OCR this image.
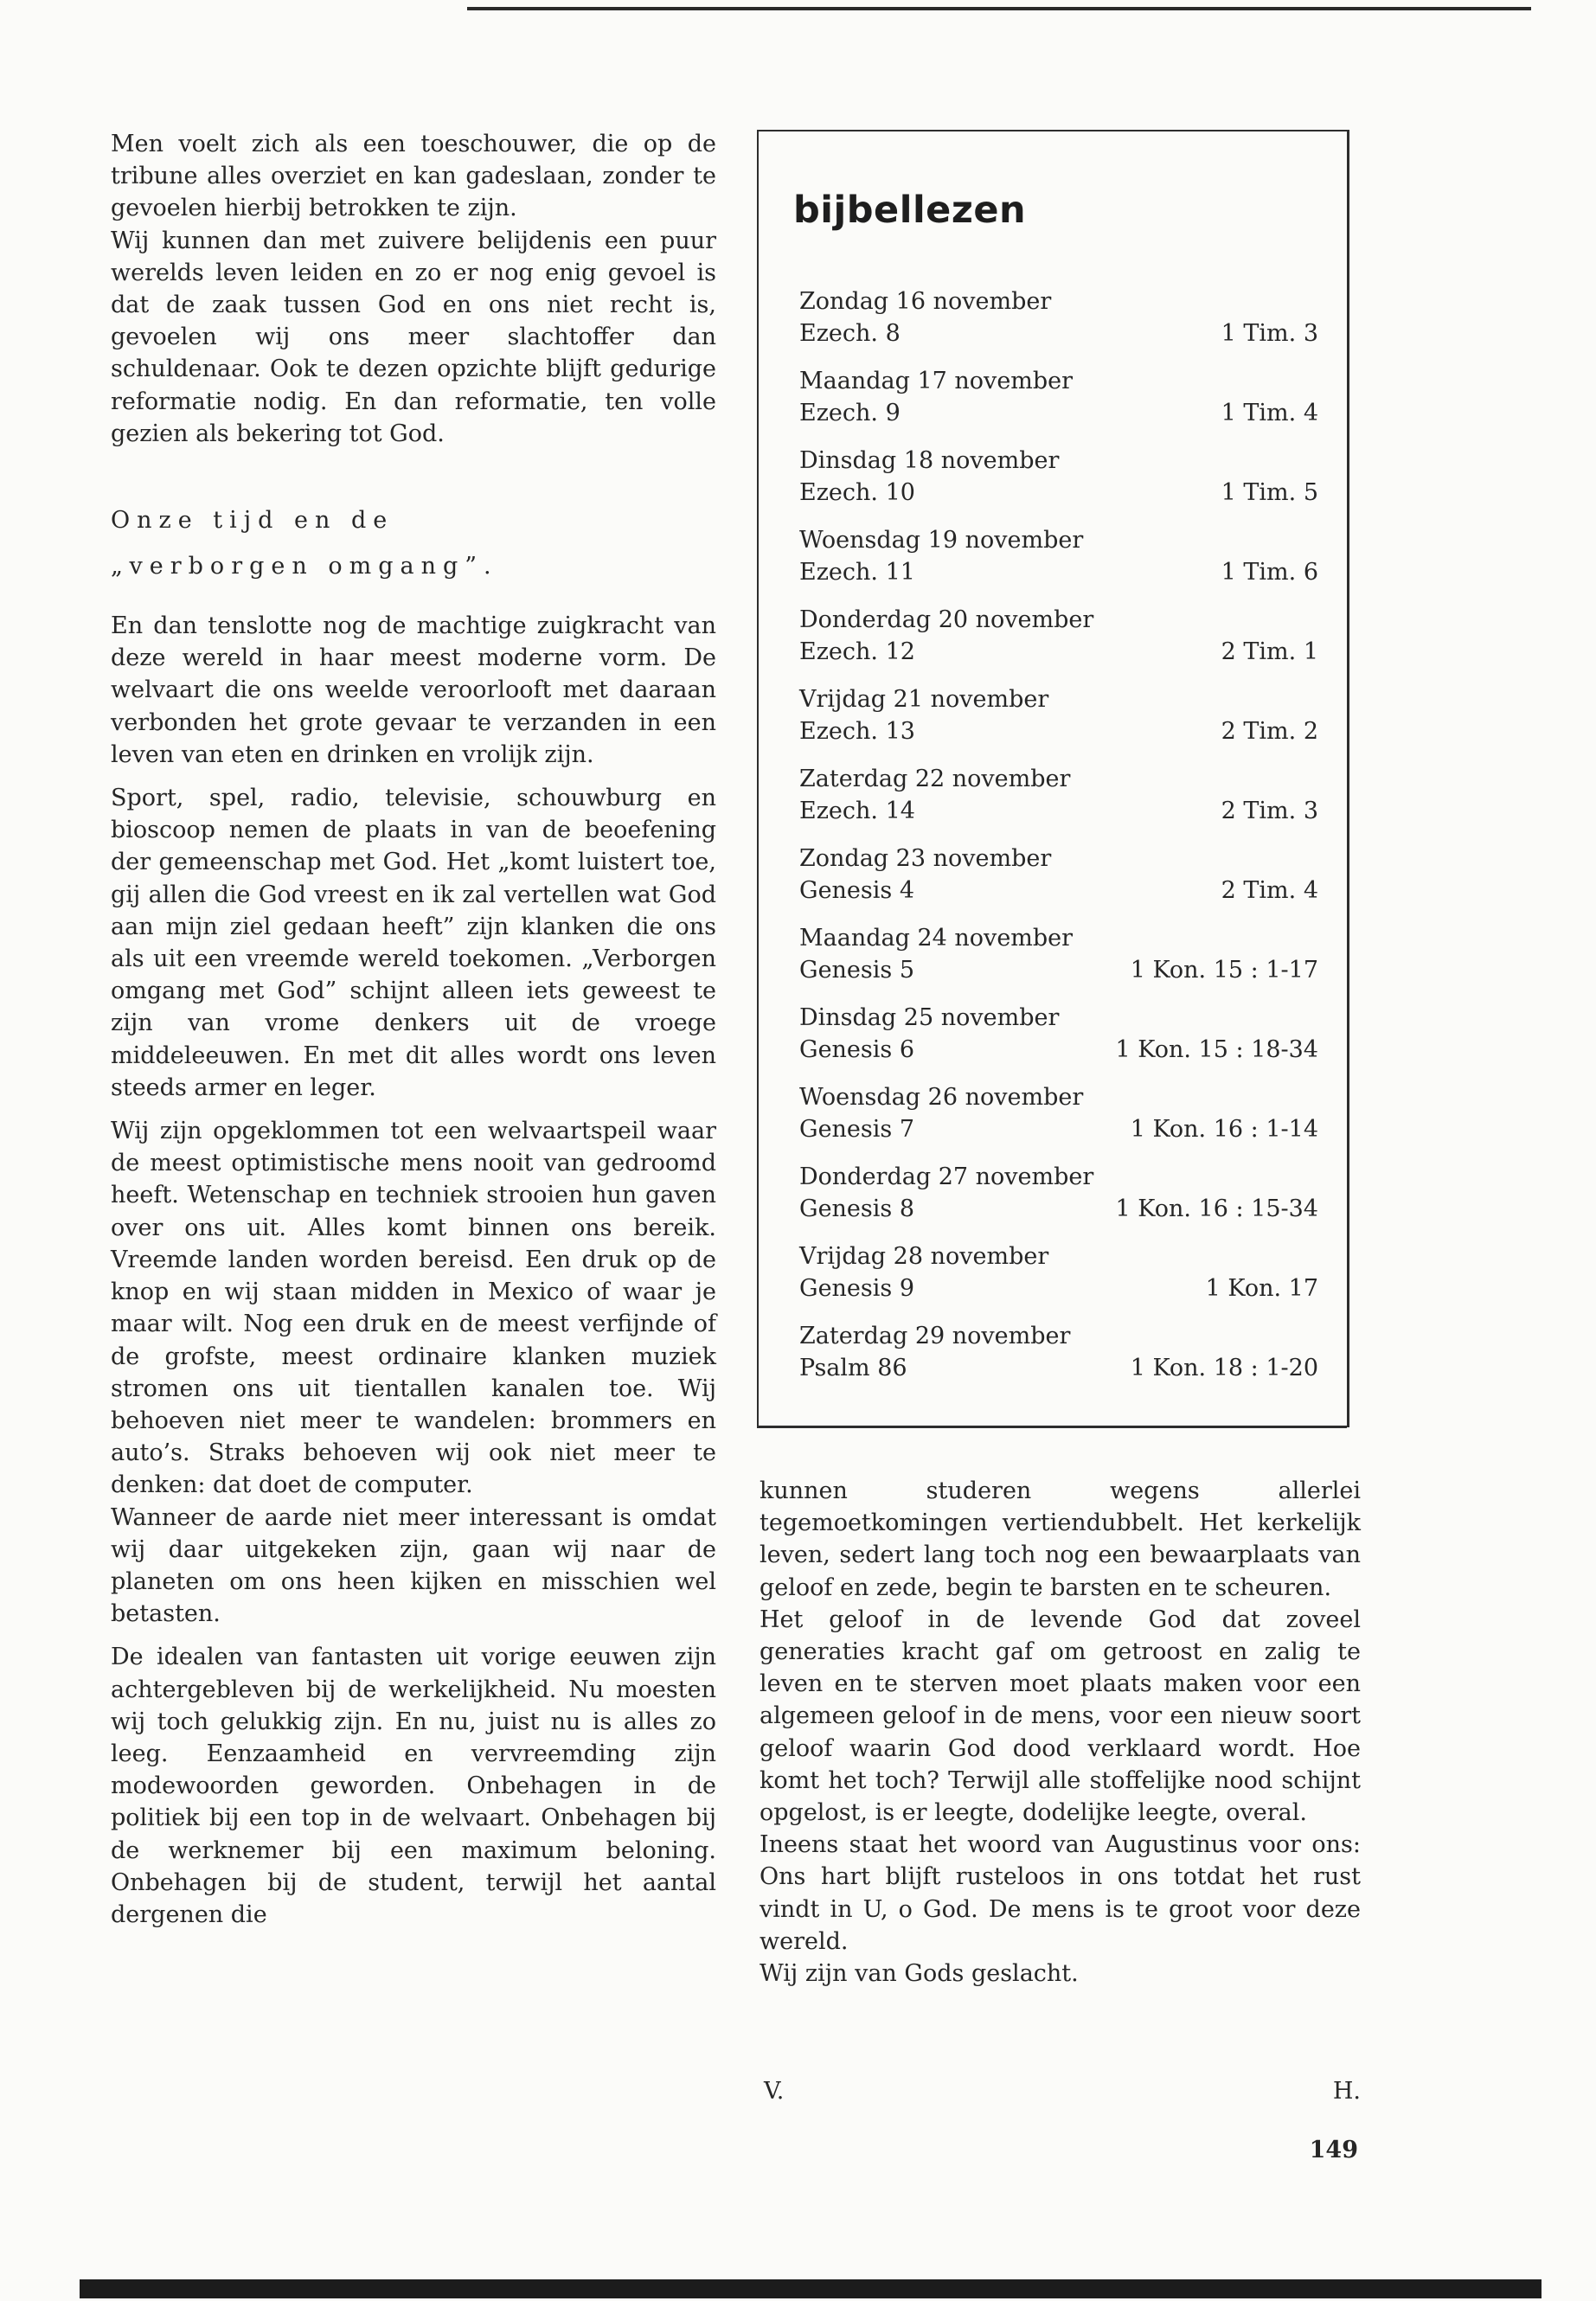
Men voelt zich als een toeschouwer, die op de tribune alles overziet en kan gadeslaan, zonder te gevoelen hierbij betrokken te zijn.

Wij kunnen dan met zuivere belijdenis een puur werelds leven leiden en zo er nog enig gevoel is dat de zaak tussen God en ons niet recht is, gevoelen wij ons meer slachtoffer dan schuldenaar. Ook te dezen opzichte blijft gedurige reformatie nodig. En dan reformatie, ten volle gezien als bekering tot God.

Onze tijd en de

„verborgen omgang”.

En dan tenslotte nog de machtige zuigkracht van deze wereld in haar meest moderne vorm. De welvaart die ons weelde veroorlooft met daaraan verbonden het grote gevaar te verzanden in een leven van eten en drinken en vrolijk zijn.

Sport, spel, radio, televisie, schouwburg en bioscoop nemen de plaats in van de beoefening der gemeenschap met God. Het „komt luistert toe, gij allen die God vreest en ik zal vertellen wat God aan mijn ziel gedaan heeft” zijn klanken die ons als uit een vreemde wereld toekomen. „Verborgen omgang met God” schijnt alleen iets geweest te zijn van vrome denkers uit de vroege middeleeuwen. En met dit alles wordt ons leven steeds armer en leger.

Wij zijn opgeklommen tot een welvaartspeil waar de meest optimistische mens nooit van gedroomd heeft. Wetenschap en techniek strooien hun gaven over ons uit. Alles komt binnen ons bereik. Vreemde landen worden bereisd. Een druk op de knop en wij staan midden in Mexico of waar je maar wilt. Nog een druk en de meest verfijnde of de grofste, meest ordinaire klanken muziek stromen ons uit tientallen kanalen toe. Wij behoeven niet meer te wandelen: brommers en auto’s. Straks behoeven wij ook niet meer te denken: dat doet de computer.

Wanneer de aarde niet meer interessant is omdat wij daar uitgekeken zijn, gaan wij naar de planeten om ons heen kijken en misschien wel betasten.

De idealen van fantasten uit vorige eeuwen zijn achtergebleven bij de werkelijkheid. Nu moesten wij toch gelukkig zijn. En nu, juist nu is alles zo leeg. Eenzaamheid en vervreemding zijn modewoorden geworden. Onbehagen in de politiek bij een top in de welvaart. Onbehagen bij de werknemer bij een maximum beloning. Onbehagen bij de student, terwijl het aantal dergenen die

bijbellezen
Zondag 16 november
Ezech. 8	1 Tim. 3
Maandag 17 november
Ezech. 9	1 Tim. 4
Dinsdag 18 november
Ezech. 10	1 Tim. 5
Woensdag 19 november
Ezech. 11	1 Tim. 6
Donderdag 20 november
Ezech. 12	2 Tim. 1
Vrijdag 21 november
Ezech. 13	2 Tim. 2
Zaterdag 22 november
Ezech. 14	2 Tim. 3
Zondag 23 november
Genesis 4	2 Tim. 4
Maandag 24 november
Genesis 5	1 Kon. 15 : 1-17
Dinsdag 25 november
Genesis 6	1 Kon. 15 : 18-34
Woensdag 26 november
Genesis 7	1 Kon. 16 : 1-14
Donderdag 27 november
Genesis 8	1 Kon. 16 : 15-34
Vrijdag 28 november
Genesis 9	1 Kon. 17
Zaterdag 29 november
Psalm 86	1 Kon. 18 : 1-20

kunnen studeren wegens allerlei tegemoetkomingen vertiendubbelt. Het kerkelijk leven, sedert lang toch nog een bewaarplaats van geloof en zede, begin te barsten en te scheuren.

Het geloof in de levende God dat zoveel generaties kracht gaf om getroost en zalig te leven en te sterven moet plaats maken voor een algemeen geloof in de mens, voor een nieuw soort geloof waarin God dood verklaard wordt. Hoe komt het toch? Terwijl alle stoffelijke nood schijnt opgelost, is er leegte, dodelijke leegte, overal.

Ineens staat het woord van Augustinus voor ons: Ons hart blijft rusteloos in ons totdat het rust vindt in U, o God. De mens is te groot voor deze wereld.

Wij zijn van Gods geslacht.

V.	H.
149
